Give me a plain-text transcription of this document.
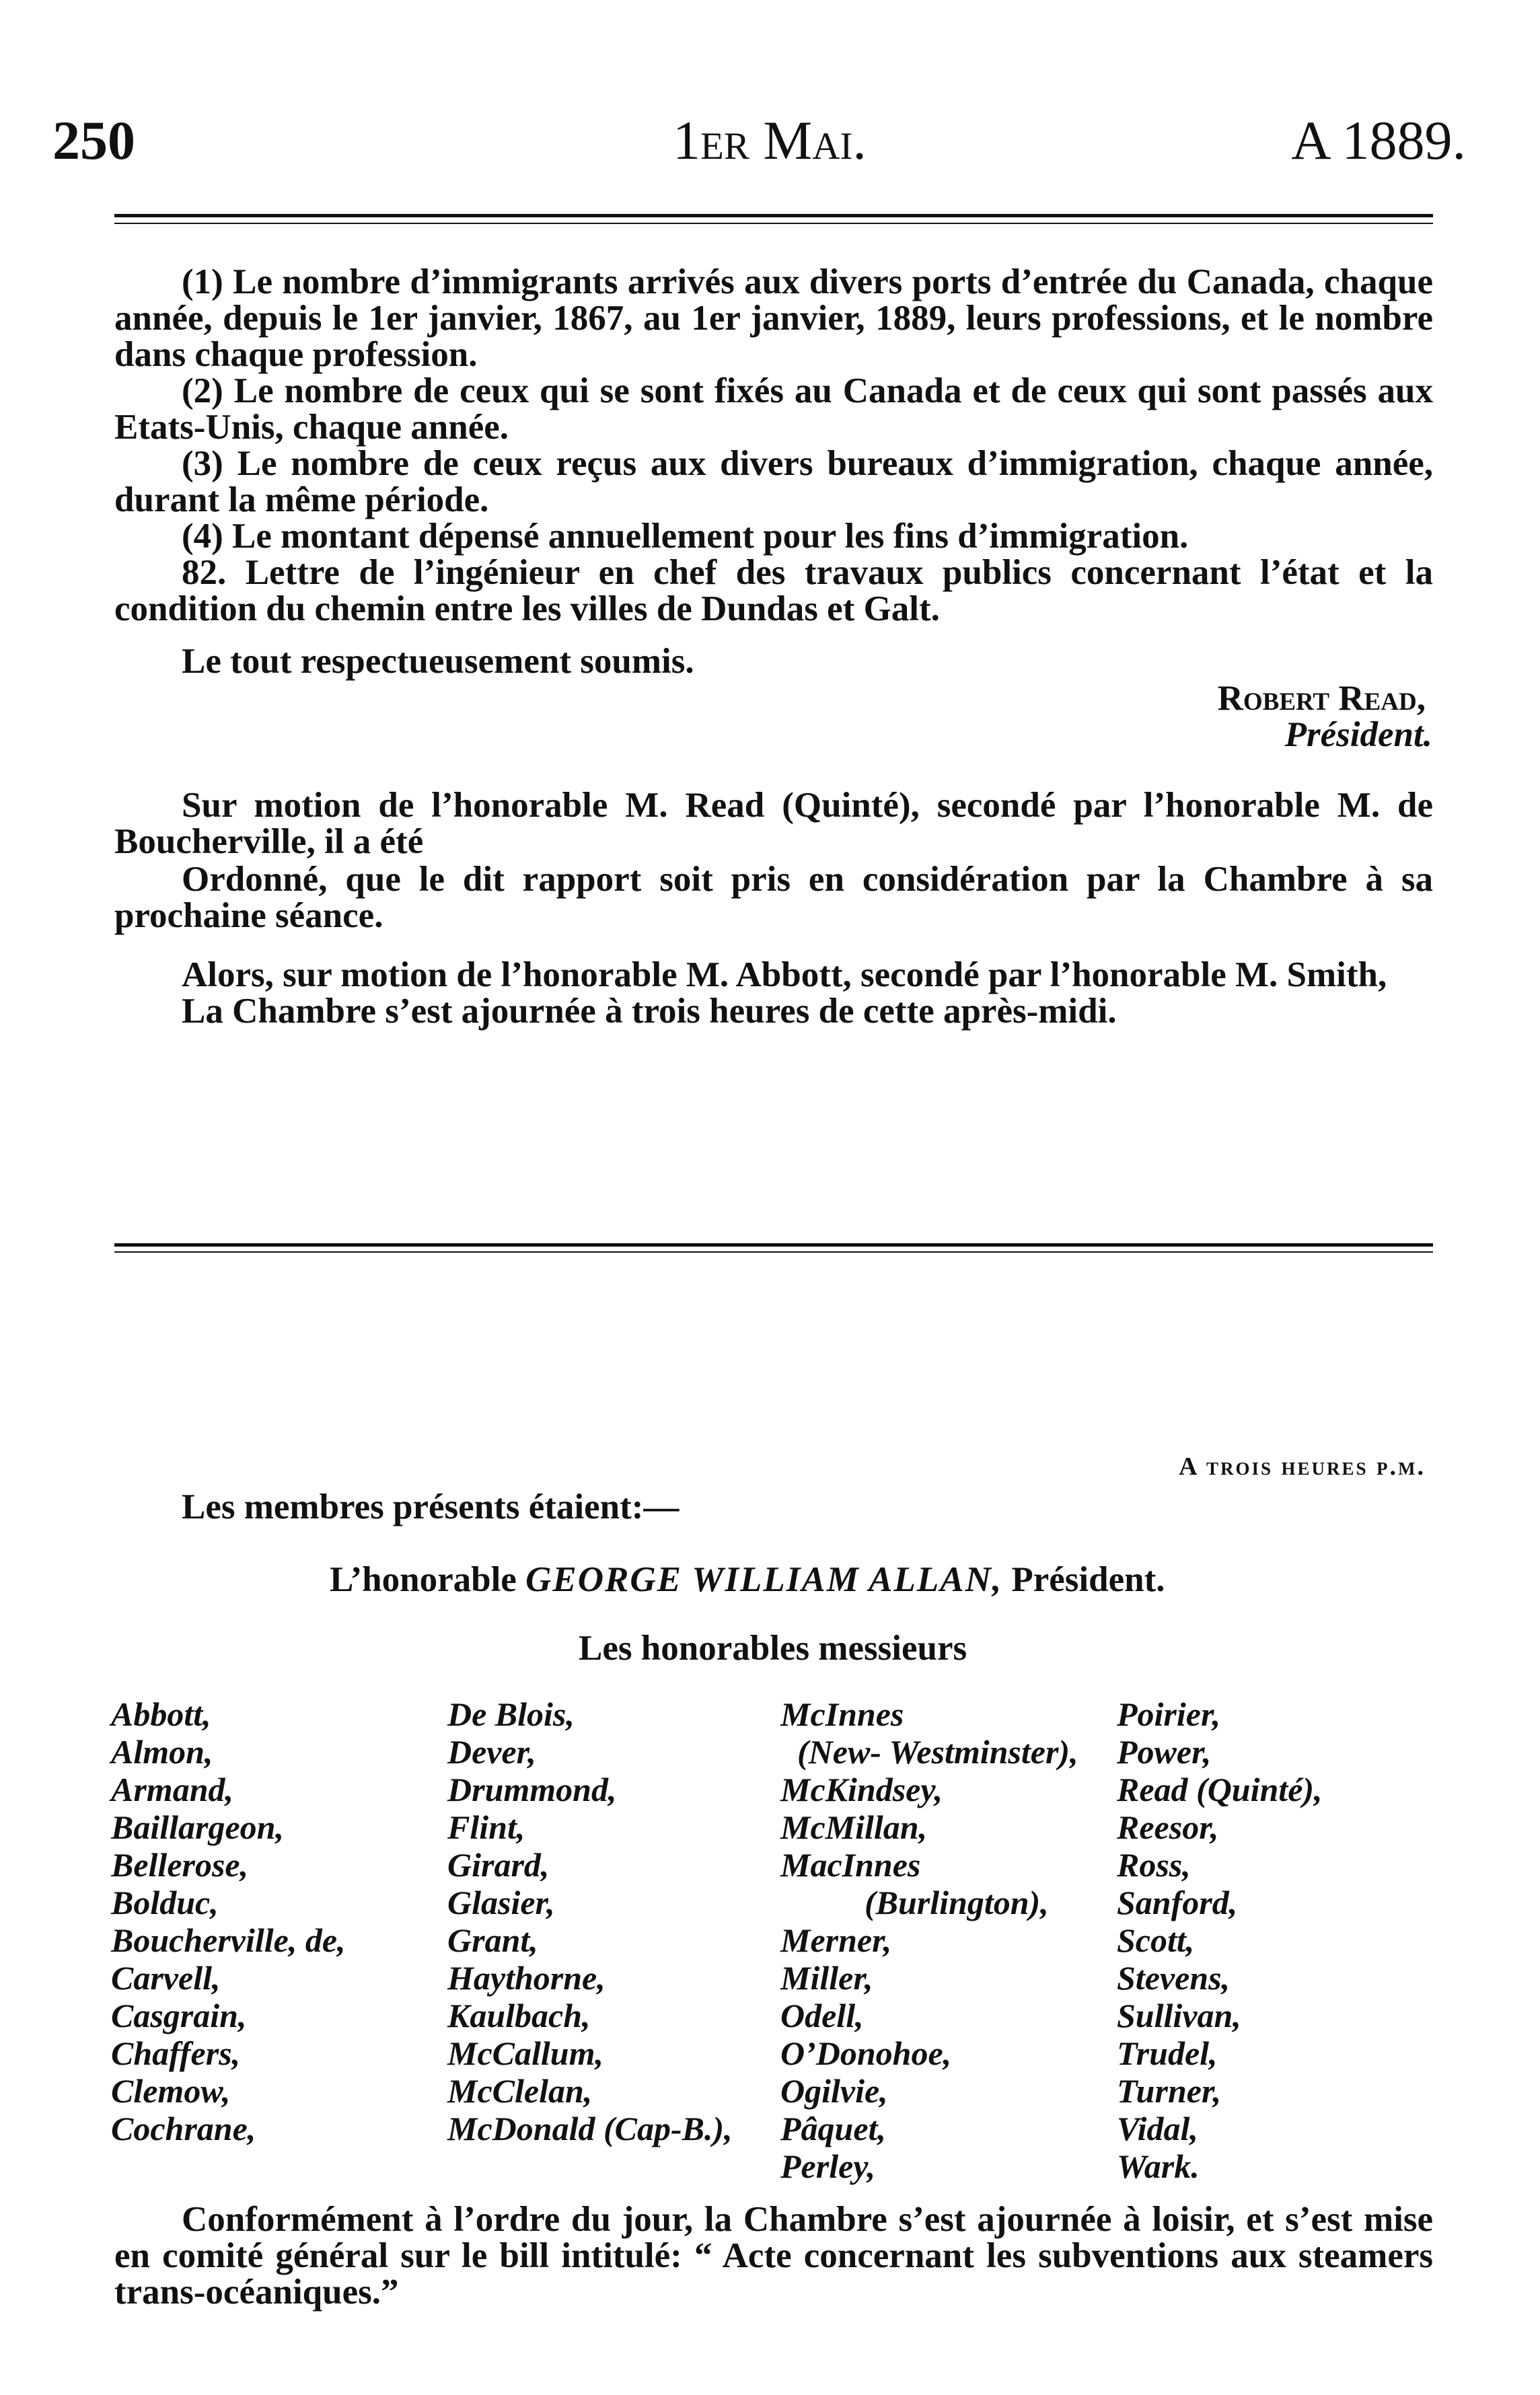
250	1er Mai.	A 1889.

(1) Le nombre d’immigrants arrivés aux divers ports d’entrée du Canada, chaque année, depuis le 1er janvier, 1867, au 1er janvier, 1889, leurs professions, et le nombre dans chaque profession.

(2) Le nombre de ceux qui se sont fixés au Canada et de ceux qui sont passés aux Etats-Unis, chaque année.

(3) Le nombre de ceux reçus aux divers bureaux d’immigration, chaque année, durant la même période.

(4) Le montant dépensé annuellement pour les fins d’immigration.

82. Lettre de l’ingénieur en chef des travaux publics concernant l’état et la condition du chemin entre les villes de Dundas et Galt.

Le tout respectueusement soumis.

Robert Read,
Président.

Sur motion de l’honorable M. Read (Quinté), secondé par l’honorable M. de Boucherville, il a été

Ordonné, que le dit rapport soit pris en considération par la Chambre à sa prochaine séance.

Alors, sur motion de l’honorable M. Abbott, secondé par l’honorable M. Smith,

La Chambre s’est ajournée à trois heures de cette après-midi.

A trois heures p.m.
Les membres présents étaient:—
L’honorable GEORGE WILLIAM ALLAN, Président.
Les honorables messieurs
Abbott,
Almon,
Armand,
Baillargeon,
Bellerose,
Bolduc,
Boucherville, de,
Carvell,
Casgrain,
Chaffers,
Clemow,
Cochrane,
De Blois,
Dever,
Drummond,
Flint,
Girard,
Glasier,
Grant,
Haythorne,
Kaulbach,
McCallum,
McClelan,
McDonald (Cap-B.),
McInnes
(New- Westminster),
McKindsey,
McMillan,
MacInnes
(Burlington),
Merner,
Miller,
Odell,
O’Donohoe,
Ogilvie,
Pâquet,
Perley,
Poirier,
Power,
Read (Quinté),
Reesor,
Ross,
Sanford,
Scott,
Stevens,
Sullivan,
Trudel,
Turner,
Vidal,
Wark.

Conformément à l’ordre du jour, la Chambre s’est ajournée à loisir, et s’est mise en comité général sur le bill intitulé: “ Acte concernant les subventions aux steamers trans-océaniques.”
